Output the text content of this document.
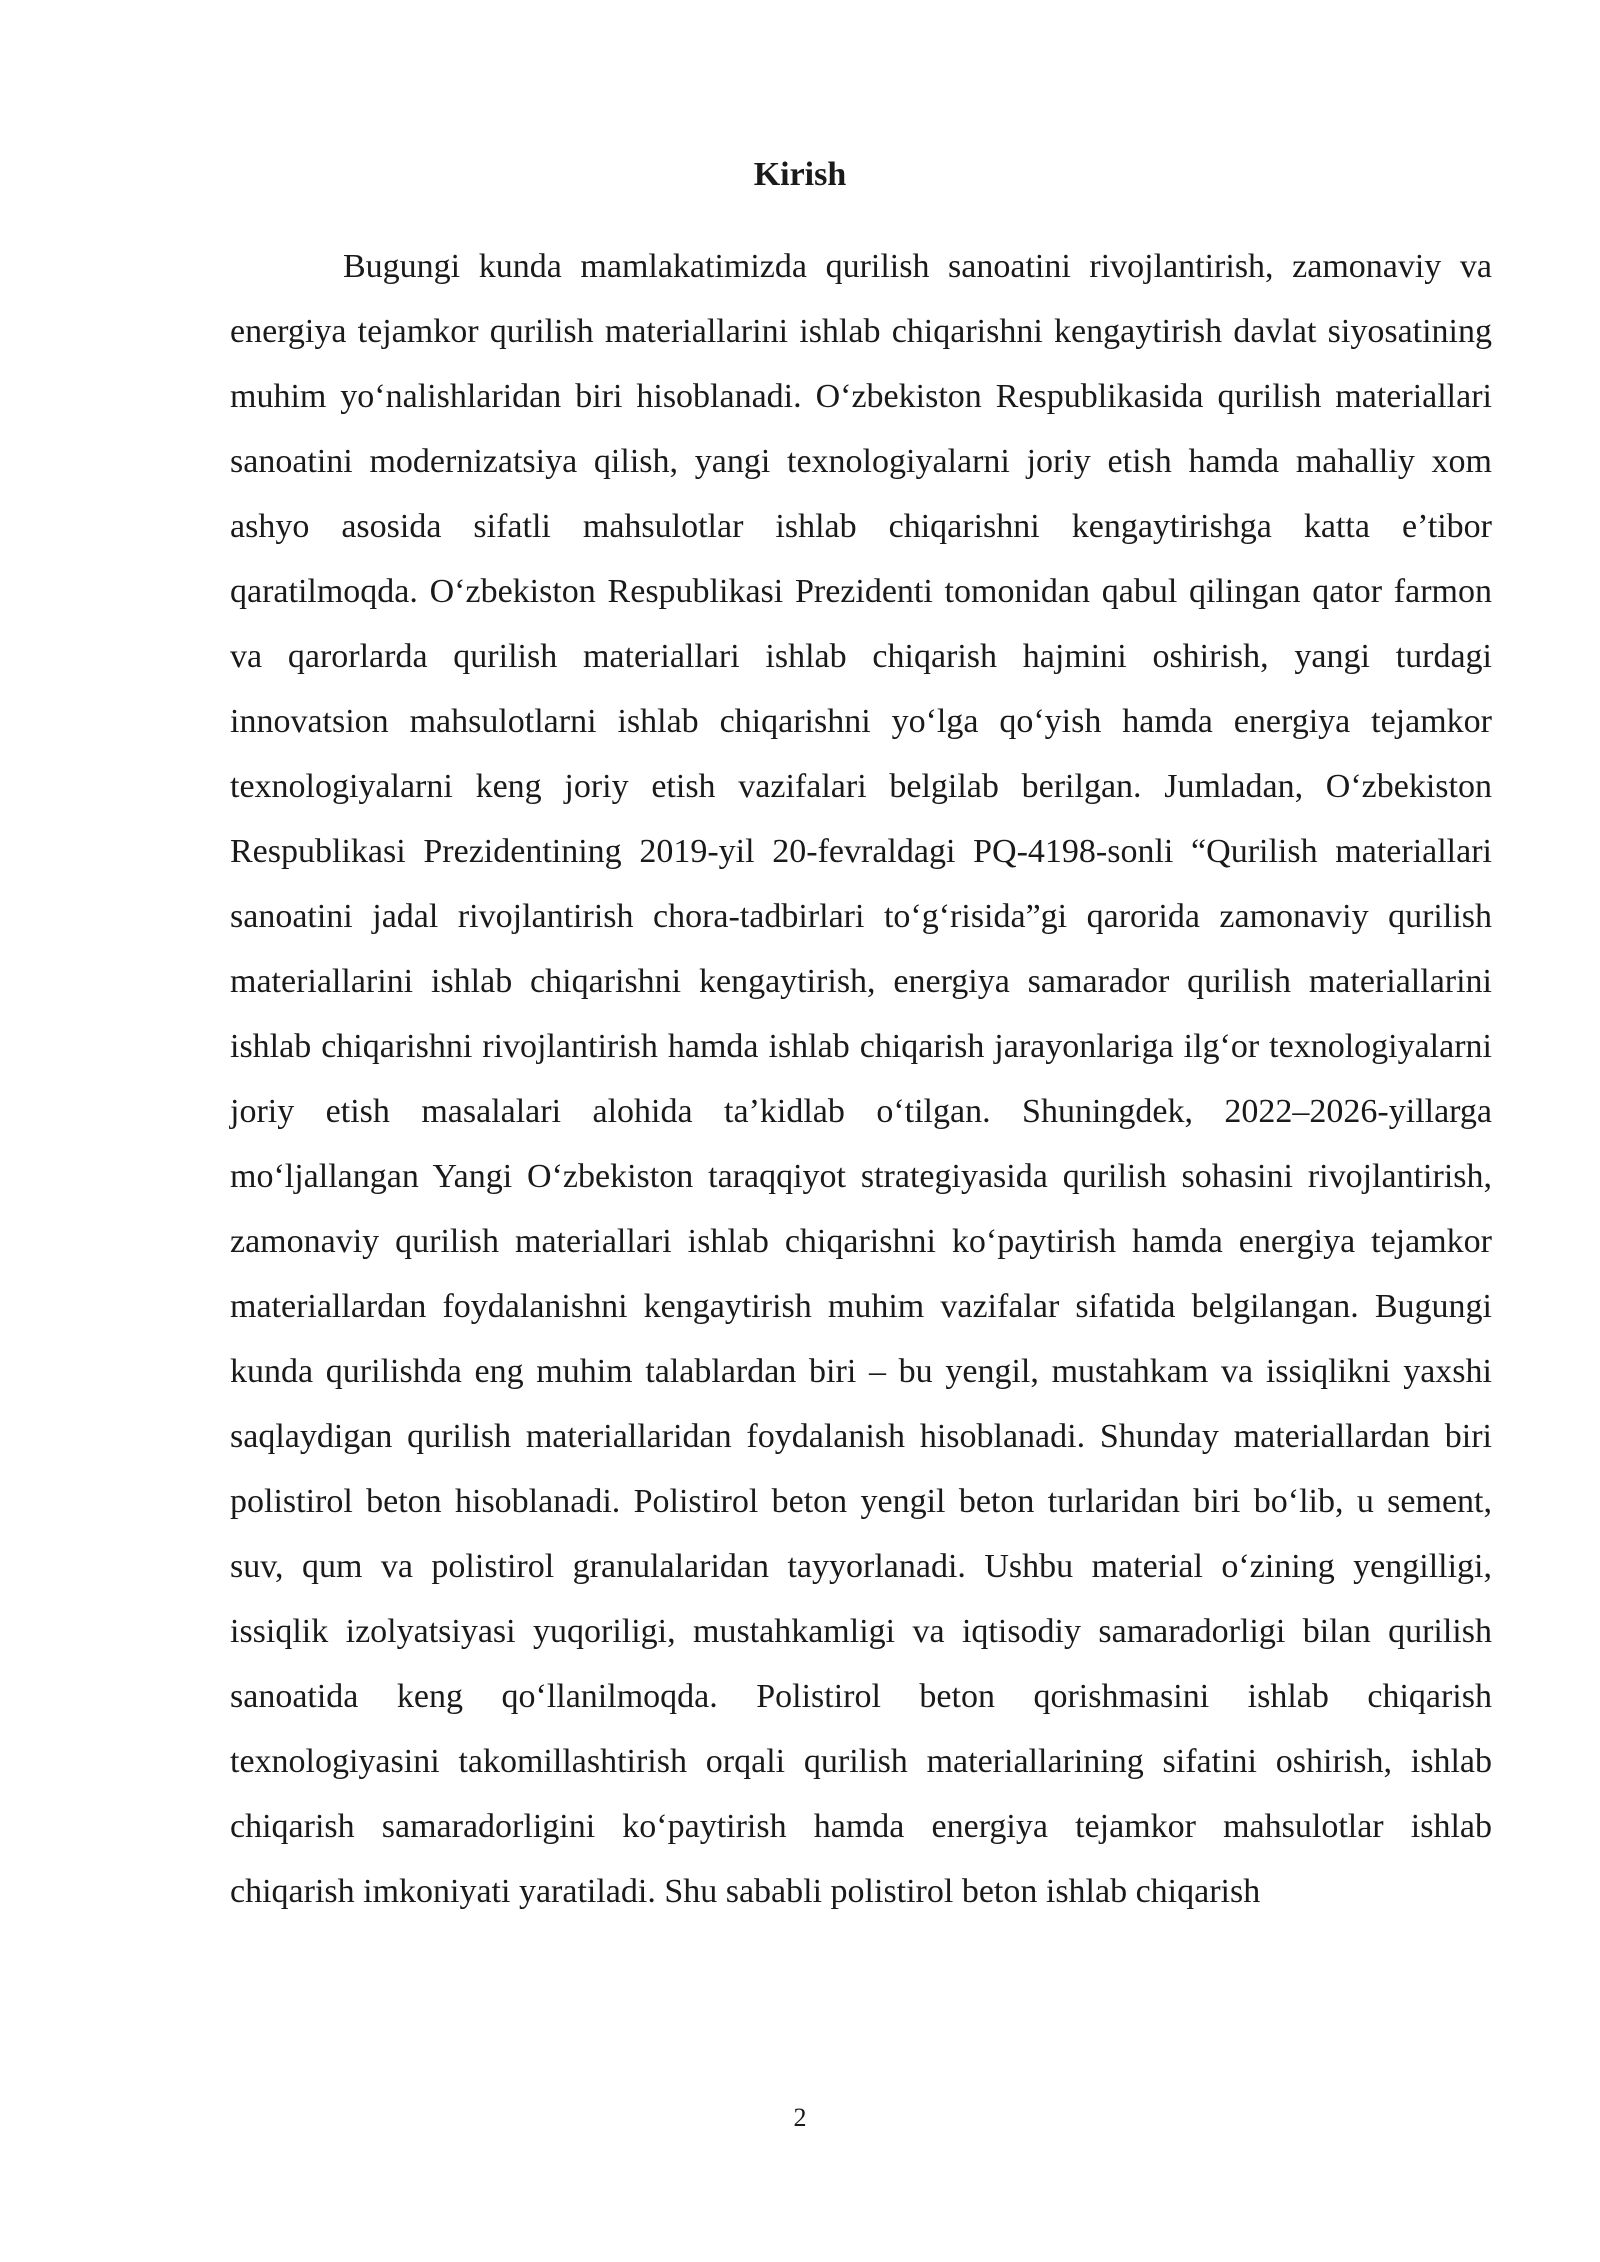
Kirish

Bugungi kunda mamlakatimizda qurilish sanoatini rivojlantirish, zamonaviy va energiya tejamkor qurilish materiallarini ishlab chiqarishni kengaytirish davlat siyosatining muhim yo‘nalishlaridan biri hisoblanadi. O‘zbekiston Respublikasida qurilish materiallari sanoatini modernizatsiya qilish, yangi texnologiyalarni joriy etish hamda mahalliy xom ashyo asosida sifatli mahsulotlar ishlab chiqarishni kengaytirishga katta e’tibor qaratilmoqda. O‘zbekiston Respublikasi Prezidenti tomonidan qabul qilingan qator farmon va qarorlarda qurilish materiallari ishlab chiqarish hajmini oshirish, yangi turdagi innovatsion mahsulotlarni ishlab chiqarishni yo‘lga qo‘yish hamda energiya tejamkor texnologiyalarni keng joriy etish vazifalari belgilab berilgan. Jumladan, O‘zbekiston Respublikasi Prezidentining 2019-yil 20-fevraldagi PQ-4198-sonli “Qurilish materiallari sanoatini jadal rivojlantirish chora-tadbirlari to‘g‘risida”gi qarorida zamonaviy qurilish materiallarini ishlab chiqarishni kengaytirish, energiya samarador qurilish materiallarini ishlab chiqarishni rivojlantirish hamda ishlab chiqarish jarayonlariga ilg‘or texnologiyalarni joriy etish masalalari alohida ta’kidlab o‘tilgan. Shuningdek, 2022–2026-yillarga mo‘ljallangan Yangi O‘zbekiston taraqqiyot strategiyasida qurilish sohasini rivojlantirish, zamonaviy qurilish materiallari ishlab chiqarishni ko‘paytirish hamda energiya tejamkor materiallardan foydalanishni kengaytirish muhim vazifalar sifatida belgilangan. Bugungi kunda qurilishda eng muhim talablardan biri – bu yengil, mustahkam va issiqlikni yaxshi saqlaydigan qurilish materiallaridan foydalanish hisoblanadi. Shunday materiallardan biri polistirol beton hisoblanadi. Polistirol beton yengil beton turlaridan biri bo‘lib, u sement, suv, qum va polistirol granulalaridan tayyorlanadi. Ushbu material o‘zining yengilligi, issiqlik izolyatsiyasi yuqoriligi, mustahkamligi va iqtisodiy samaradorligi bilan qurilish sanoatida keng qo‘llanilmoqda. Polistirol beton qorishmasini ishlab chiqarish texnologiyasini takomillashtirish orqali qurilish materiallarining sifatini oshirish, ishlab chiqarish samaradorligini ko‘paytirish hamda energiya tejamkor mahsulotlar ishlab chiqarish imkoniyati yaratiladi. Shu sababli polistirol beton ishlab chiqarish

2
